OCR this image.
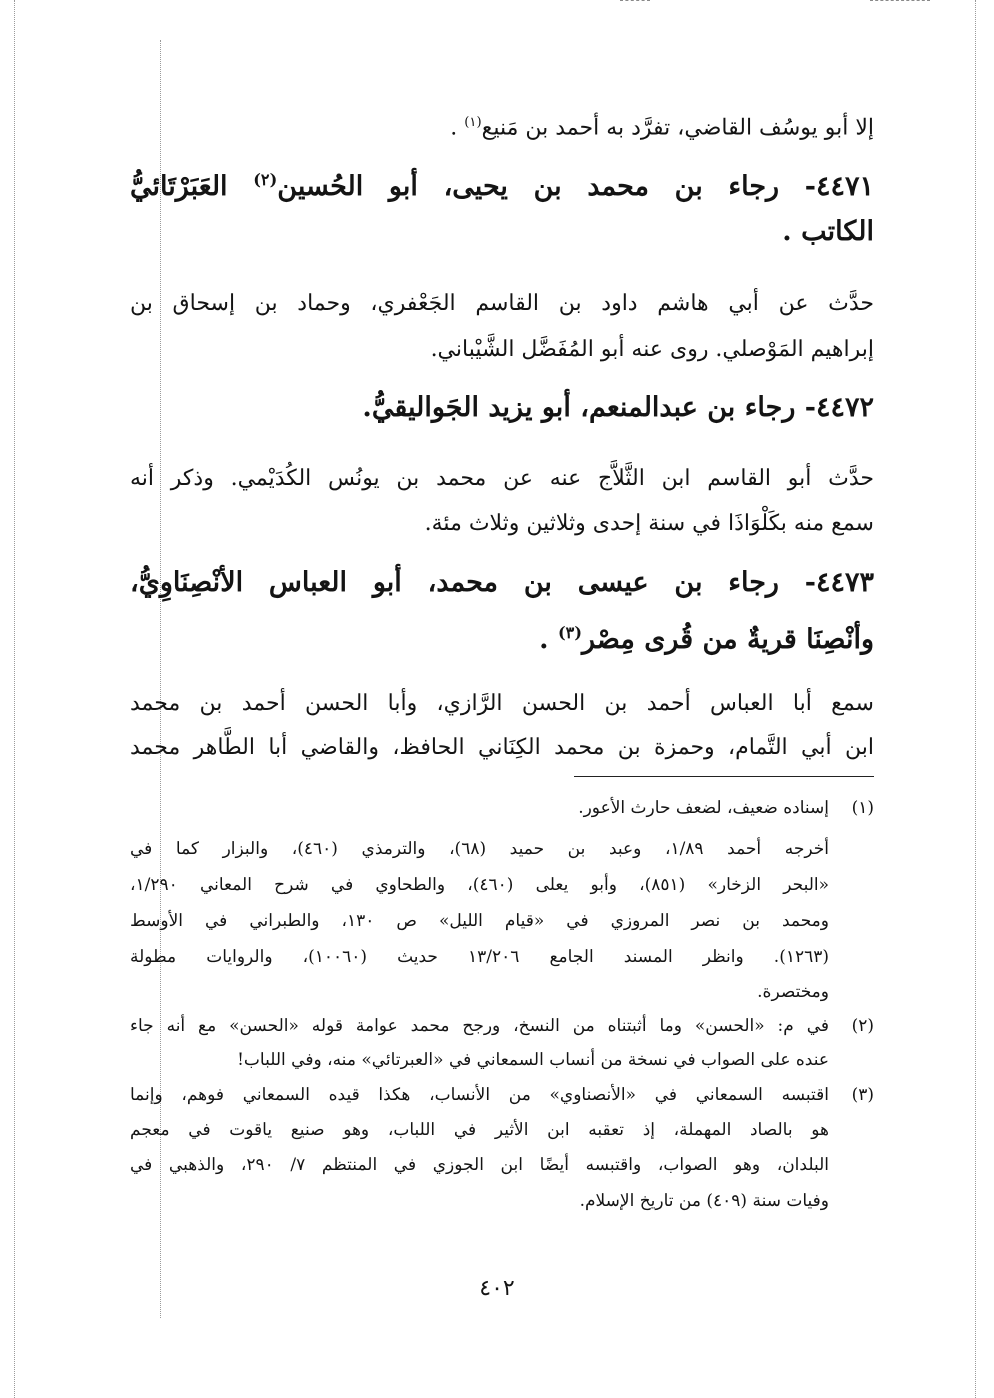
إلا أبو يوسُف القاضي، تفرَّد به أحمد بن مَنيع$^{(١)}$ .
٤٤٧١- رجاء بن محمد بن يحيى، أبو الحُسين$^{(٢)}$ العَبَرْتَائيُّ
الكاتب .
حدَّث عن أبي هاشم داود بن القاسم الجَعْفري، وحماد بن إسحاق بن
إبراهيم المَوْصلي. روى عنه أبو المُفَضَّل الشَّيْباني.
٤٤٧٢- رجاء بن عبدالمنعم، أبو يزيد الجَواليقيُّ.
حدَّث أبو القاسم ابن الثَّلاَّج عنه عن محمد بن يونُس الكُدَيْمي. وذكر أنه
سمع منه بكَلْوَاذَا في سنة إحدى وثلاثين وثلاث مئة.
٤٤٧٣- رجاء بن عيسى بن محمد، أبو العباس الأنْصِنَاوِيُّ،
وأنْصِنَا قريةٌ من قُرى مِصْر$^{(٣)}$ .
سمع أبا العباس أحمد بن الحسن الرَّازي، وأبا الحسن أحمد بن محمد
ابن أبي التَّمام، وحمزة بن محمد الكِنَاني الحافظ، والقاضي أبا الطَّاهر محمد
(١)
إسناده ضعيف، لضعف حارث الأعور.
أخرجه أحمد ١/٨٩، وعبد بن حميد (٦٨)، والترمذي (٤٦٠)، والبزار كما في
«البحر الزخار» (٨٥١)، وأبو يعلى (٤٦٠)، والطحاوي في شرح المعاني ١/٢٩٠،
ومحمد بن نصر المروزي في «قيام الليل» ص ١٣٠، والطبراني في الأوسط
(١٢٦٣). وانظر المسند الجامع ١٣/٢٠٦ حديث (١٠٠٦٠)، والروايات مطولة
ومختصرة.
(٢)
في م: «الحسن» وما أثبتناه من النسخ، ورجح محمد عوامة قوله «الحسن» مع أنه جاء
عنده على الصواب في نسخة من أنساب السمعاني في «العبرتائي» منه، وفي اللباب!
(٣)
اقتبسه السمعاني في «الأنصناوي» من الأنساب، هكذا قيده السمعاني فوهم، وإنما
هو بالصاد المهملة، إذ تعقبه ابن الأثير في اللباب، وهو صنيع ياقوت في معجم
البلدان، وهو الصواب، واقتبسه أيضًا ابن الجوزي في المنتظم ٧/ ٢٩٠، والذهبي في
وفيات سنة (٤٠٩) من تاريخ الإسلام.
٤٠٢
